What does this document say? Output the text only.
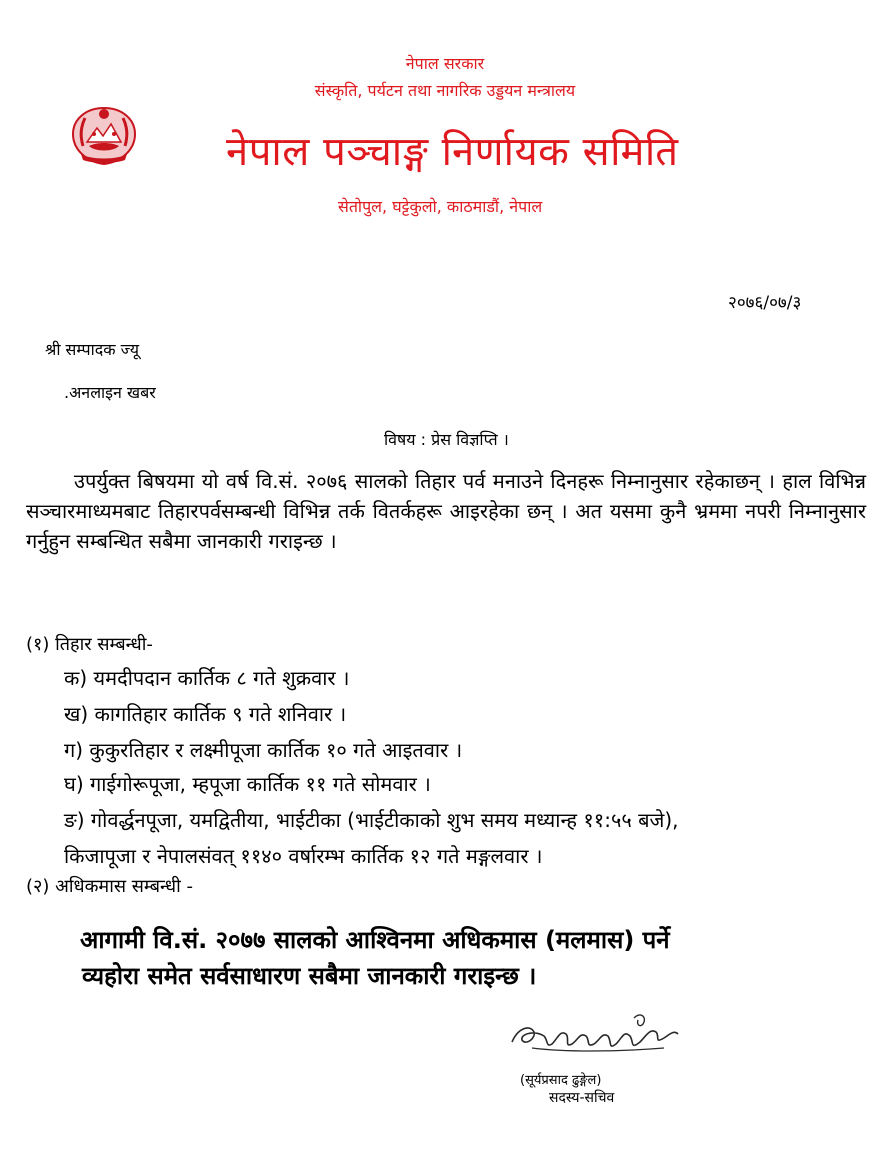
नेपाल सरकार
संस्कृति, पर्यटन तथा नागरिक उड्डयन मन्त्रालय
नेपाल पञ्चाङ्ग निर्णायक समिति
सेतोपुल, घट्टेकुलो, काठमाडौं, नेपाल
२०७६/०७/३
श्री सम्पादक ज्यू
.अनलाइन खबर
विषय : प्रेस विज्ञप्ति ।
उपर्युक्त बिषयमा यो वर्ष वि.सं. २०७६ सालको तिहार पर्व मनाउने दिनहरू निम्नानुसार रहेकाछन् । हाल विभिन्न सञ्चारमाध्यमबाट तिहारपर्वसम्बन्धी विभिन्न तर्क वितर्कहरू आइरहेका छन् । अत यसमा कुनै भ्रममा नपरी निम्नानुसार गर्नुहुन सम्बन्धित सबैमा जानकारी गराइन्छ ।
(१) तिहार सम्बन्धी-
क) यमदीपदान कार्तिक ८ गते शुक्रवार ।
ख) कागतिहार कार्तिक ९ गते शनिवार ।
ग) कुकुरतिहार र लक्ष्मीपूजा कार्तिक १० गते आइतवार ।
घ) गाईगोरूपूजा, म्हपूजा कार्तिक ११ गते सोमवार ।
ङ) गोवर्द्धनपूजा, यमद्वितीया, भाईटीका (भाईटीकाको शुभ समय मध्यान्ह ११:५५ बजे),
किजापूजा र नेपालसंवत् ११४० वर्षारम्भ कार्तिक १२ गते मङ्गलवार ।
(२) अधिकमास सम्बन्धी -
आगामी वि.सं. २०७७ सालको आश्विनमा अधिकमास (मलमास) पर्ने
व्यहोरा समेत सर्वसाधारण सबैमा जानकारी गराइन्छ ।
(सूर्यप्रसाद ढुङ्गेल)
सदस्य-सचिव
